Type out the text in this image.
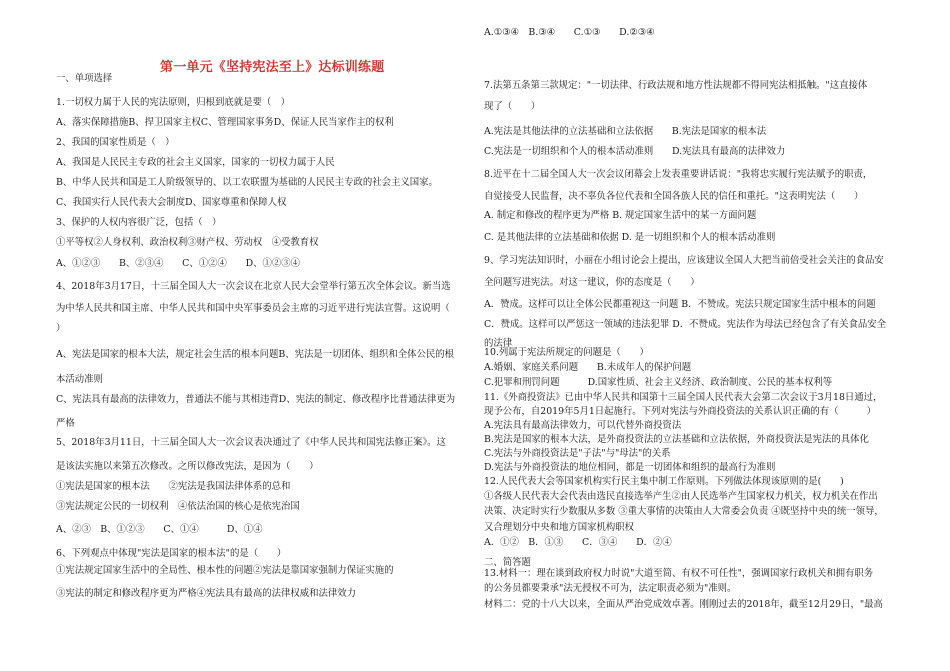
第一单元《坚持宪法至上》达标训练题
一、单项选择
1.一切权力属于人民的宪法原则，归根到底就是要（　）
A、落实保障措施B、捍卫国家主权C、管理国家事务D、保证人民当家作主的权利
2、我国的国家性质是（　）
A、我国是人民民主专政的社会主义国家，国家的一切权力属于人民
B、中华人民共和国是工人阶级领导的、以工农联盟为基础的人民民主专政的社会主义国家。
C、我国实行人民代表大会制度D、国家尊重和保障人权
3、保护的人权内容很广泛，包括（　）
①平等权②人身权利、政治权利③财产权、劳动权　④受教育权
A、①②③　　B、②③④　　C、①②④　　D、①②③④
4、2018年3月17日，十三届全国人大一次会议在北京人民大会堂举行第五次全体会议。新当选
为中华人民共和国主席、中华人民共和国中央军事委员会主席的习近平进行宪法宣誓。这说明（
）
A、宪法是国家的根本大法，规定社会生活的根本问题B、宪法是一切团体、组织和全体公民的根
本活动准则
C、宪法具有最高的法律效力，普通法不能与其相违背D、宪法的制定、修改程序比普通法律更为
严格
5、2018年3月11日，十三届全国人大一次会议表决通过了《中华人民共和国宪法修正案》。这
是该法实施以来第五次修改。之所以修改宪法，是因为（　　）
①宪法是国家的根本法　　②宪法是我国法律体系的总和
③宪法规定公民的一切权利　④依法治国的核心是依宪治国
A、②③　B、①②③　　C、①④　　　D、①④
6、下列观点中体现"宪法是国家的根本法"的是（　　）
①宪法规定国家生活中的全局性、根本性的问题②宪法是靠国家强制力保证实施的
③宪法的制定和修改程序更为严格④宪法具有最高的法律权威和法律效力
A.①③④　B.③④　　C.①③　　D.②③④
7.法第五条第三款规定："一切法律、行政法规和地方性法规都不得同宪法相抵触。"这直接体
现了（　　）
A.宪法是其他法律的立法基础和立法依据　　B.宪法是国家的根本法
C.宪法是一切组织和个人的根本活动准则　　D.宪法具有最高的法律效力
8.近平在十二届全国人大一次会议闭幕会上发表重要讲话说："我将忠实履行宪法赋予的职责，
自觉接受人民监督，决不辜负各位代表和全国各族人民的信任和重托。"这表明宪法（　　）
A. 制定和修改的程序更为严格 B. 规定国家生活中的某一方面问题
C. 是其他法律的立法基础和依据 D. 是一切组织和个人的根本活动准则
9、学习宪法知识时，小丽在小组讨论会上提出，应该建议全国人大把当前倍受社会关注的食品安
全问题写进宪法。对这一建议，你的态度是（　　）
A．赞成。这样可以让全体公民都重视这一问题 B．不赞成。宪法只规定国家生活中根本的问题
C．赞成。这样可以严惩这一领域的违法犯罪 D．不赞成。宪法作为母法已经包含了有关食品安全
的法律
10.列属于宪法所规定的问题是（　　）
A.婚姻、家庭关系问题　　B.未成年人的保护问题
C.犯罪和刑罚问题　　　D.国家性质、社会主义经济、政治制度、公民的基本权利等
11.《外商投资法》已由中华人民共和国第十三届全国人民代表大会第二次会议于3月18日通过，
现予公布，自2019年5月1日起施行。下列对宪法与外商投资法的关系认识正确的有（　　　）
A.宪法具有最高法律效力，可以代替外商投资法
B.宪法是国家的根本大法，是外商投资法的立法基础和立法依据，外商投资法是宪法的具体化
C.宪法与外商投资法是"子法"与"母法"的关系
D.宪法与外商投资法的地位相同，都是一切团体和组织的最高行为准则
12.人民代表大会等国家机构实行民主集中制工作原则。下列做法体现该原则的是(　　)
①各级人民代表大会代表由选民直接选举产生②由人民选举产生国家权力机关，权力机关在作出
决策、决定时实行少数服从多数 ③重大事情的决策由人大常委会负责 ④既坚持中央的统一领导，
又合理划分中央和地方国家机构职权
A．①②　B．①③　　C．③④　　D．②④
二、简答题
13.材料一：理在谈到政府权力时说"大道至简、有权不可任性"，强调国家行政机关和拥有职务
的公务员都要秉承"法无授权不可为，法定职责必须为"准则。
材料二：党的十八大以来，全面从严治党成效卓著。刚刚过去的2018年，截至12月29日，"最高
